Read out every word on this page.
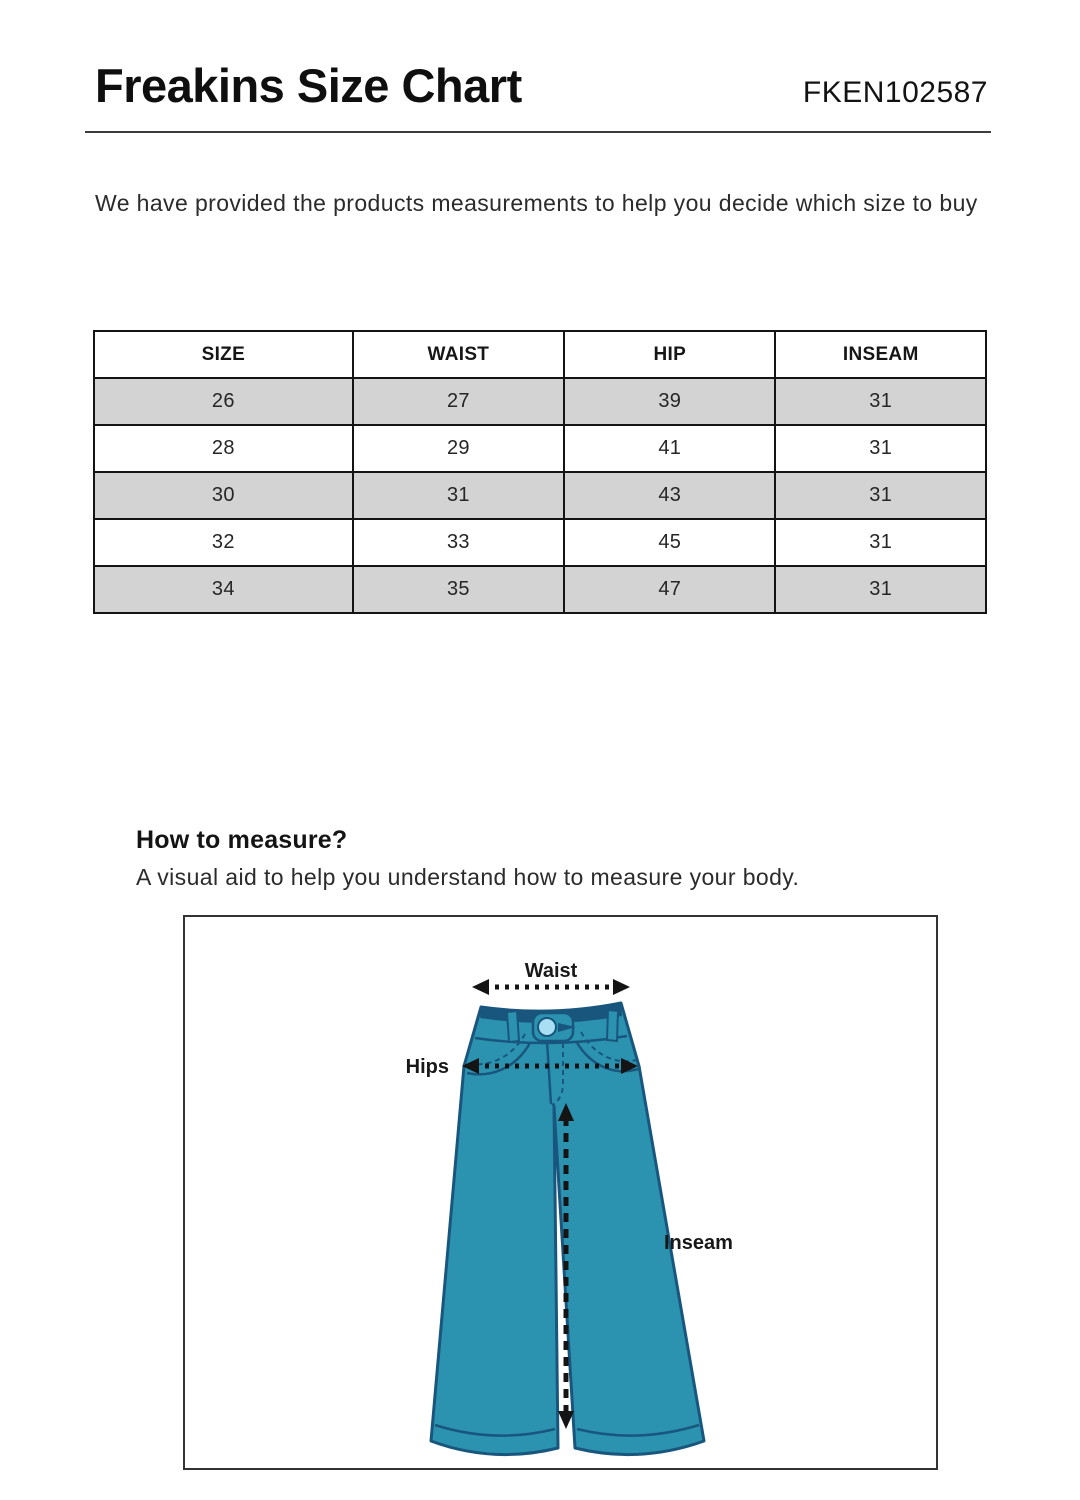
Freakins Size Chart	FKEN102587

We have provided the products measurements to help you decide which size to buy

SIZE	WAIST	HIP	INSEAM
26	27	39	31
28	29	41	31
30	31	43	31
32	33	45	31
34	35	47	31
How to measure?

A visual aid to help you understand how to measure your body.

Waist
Hips
Inseam
